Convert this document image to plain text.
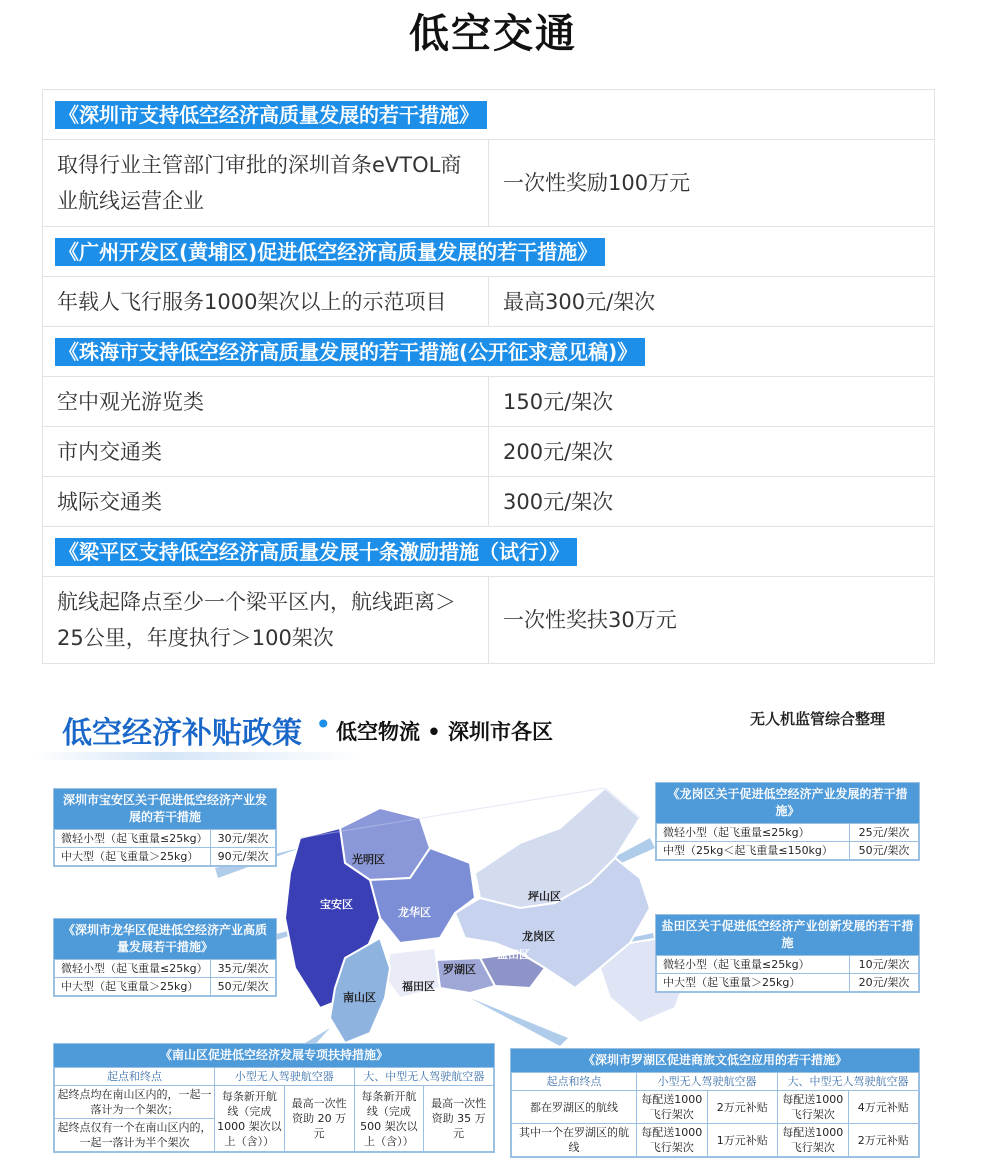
低空交通
《深圳市支持低空经济高质量发展的若干措施》	
取得行业主管部门审批的深圳首条eVTOL商业航线运营企业	一次性奖励100万元
《广州开发区(黄埔区)促进低空经济高质量发展的若干措施》	
年载人飞行服务1000架次以上的示范项目	最高300元/架次
《珠海市支持低空经济高质量发展的若干措施(公开征求意见稿)》	
空中观光游览类	150元/架次
市内交通类	200元/架次
城际交通类	300元/架次
《梁平区支持低空经济高质量发展十条激励措施（试行）》	
航线起降点至少一个梁平区内，航线距离＞25公里，年度执行＞100架次	一次性奖扶30万元
低空经济补贴政策 • 低空物流 • 深圳市各区
无人机监管综合整理
光明区
宝安区
龙华区
坪山区
龙岗区
罗湖区
盐田区
福田区
南山区
深圳市宝安区关于促进低空经济产业发展的若干措施
微轻小型（起飞重量≤25kg）	30元/架次
中大型（起飞重量＞25kg）	90元/架次
《深圳市龙华区促进低空经济产业高质量发展若干措施》
微轻小型（起飞重量≤25kg）	35元/架次
中大型（起飞重量＞25kg）	50元/架次
《龙岗区关于促进低空经济产业发展的若干措施》
微轻小型（起飞重量≤25kg）	25元/架次
中型（25kg＜起飞重量≤150kg）	50元/架次
盐田区关于促进低空经济产业创新发展的若干措施
微轻小型（起飞重量≤25kg）	10元/架次
中大型（起飞重量＞25kg）	20元/架次
《南山区促进低空经济发展专项扶持措施》
起点和终点	小型无人驾驶航空器		大、中型无人驾驶航空器	
起终点均在南山区内的，一起一落计为一个架次；	每条新开航线（完成1000 架次以上（含））	最高一次性资助 20 万元	每条新开航线（完成500 架次以上（含））	最高一次性资助 35 万元
起终点仅有一个在南山区内的，一起一落计为半个架次				
《深圳市罗湖区促进商旅文低空应用的若干措施》
起点和终点	小型无人驾驶航空器		大、中型无人驾驶航空器	
都在罗湖区的航线	每配送1000飞行架次	2万元补贴	每配送1000飞行架次	4万元补贴
其中一个在罗湖区的航线	每配送1000飞行架次	1万元补贴	每配送1000飞行架次	2万元补贴
